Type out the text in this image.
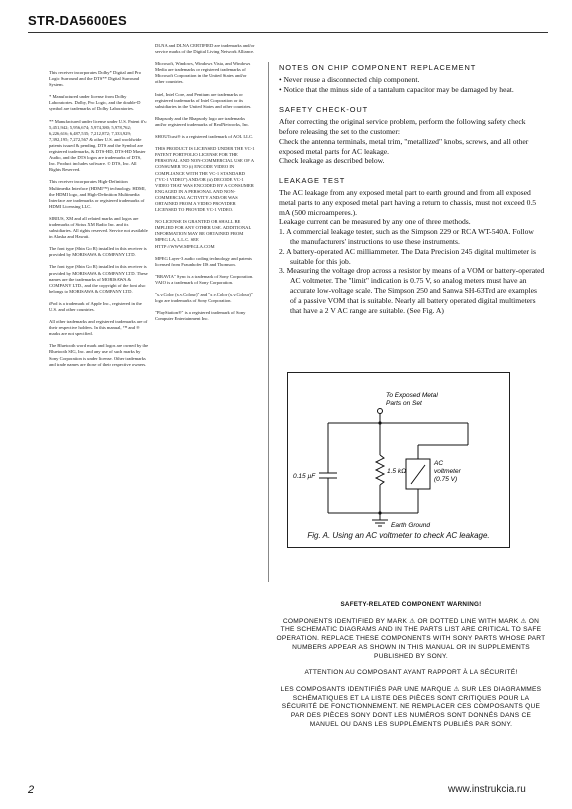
STR-DA5600ES

This receiver incorporates Dolby* Digital and Pro Logic Surround and the DTS** Digital Surround System.

* Manufactured under license from Dolby Laboratories. Dolby, Pro Logic, and the double-D symbol are trademarks of Dolby Laboratories.

** Manufactured under license under U.S. Patent #'s: 5,451,942; 5,956,674; 5,974,380; 5,978,762; 6,226,616; 6,487,535; 7,212,872; 7,333,929; 7,392,195; 7,272,567 & other U.S. and worldwide patents issued & pending. DTS and the Symbol are registered trademarks, & DTS-HD, DTS-HD Master Audio, and the DTS logos are trademarks of DTS, Inc. Product includes software. © DTS, Inc. All Rights Reserved.

This receiver incorporates High-Definition Multimedia Interface (HDMI™) technology. HDMI, the HDMI logo, and High-Definition Multimedia Interface are trademarks or registered trademarks of HDMI Licensing LLC.

SIRIUS, XM and all related marks and logos are trademarks of Sirius XM Radio Inc. and its subsidiaries. All rights reserved. Service not available in Alaska and Hawaii.

The font type (Shin Go R) installed in this receiver is provided by MORISAWA & COMPANY LTD.

The font type (Shin Go R) installed in this receiver is provided by MORISAWA & COMPANY LTD. These names are the trademarks of MORISAWA & COMPANY LTD., and the copyright of the font also belongs to MORISAWA & COMPANY LTD.

iPod is a trademark of Apple Inc., registered in the U.S. and other countries.

All other trademarks and registered trademarks are of their respective holders. In this manual, ™ and ® marks are not specified.

The Bluetooth word mark and logos are owned by the Bluetooth SIG, Inc. and any use of such marks by Sony Corporation is under license. Other trademarks and trade names are those of their respective owners.

DLNA and DLNA CERTIFIED are trademarks and/or service marks of the Digital Living Network Alliance.

Microsoft, Windows, Windows Vista, and Windows Media are trademarks or registered trademarks of Microsoft Corporation in the United States and/or other countries.

Intel, Intel Core, and Pentium are trademarks or registered trademarks of Intel Corporation or its subsidiaries in the United States and other countries.

Rhapsody and the Rhapsody logo are trademarks and/or registered trademarks of RealNetworks, Inc.

SHOUTcast® is a registered trademark of AOL LLC.

THIS PRODUCT IS LICENSED UNDER THE VC-1 PATENT PORTFOLIO LICENSE FOR THE PERSONAL AND NON-COMMERCIAL USE OF A CONSUMER TO (i) ENCODE VIDEO IN COMPLIANCE WITH THE VC-1 STANDARD ("VC-1 VIDEO") AND/OR (ii) DECODE VC-1 VIDEO THAT WAS ENCODED BY A CONSUMER ENGAGED IN A PERSONAL AND NON-COMMERCIAL ACTIVITY AND/OR WAS OBTAINED FROM A VIDEO PROVIDER LICENSED TO PROVIDE VC-1 VIDEO.

NO LICENSE IS GRANTED OR SHALL BE IMPLIED FOR ANY OTHER USE. ADDITIONAL INFORMATION MAY BE OBTAINED FROM MPEG LA, L.L.C. SEE HTTP://WWW.MPEGLA.COM

MPEG Layer-3 audio coding technology and patents licensed from Fraunhofer IIS and Thomson.

"BRAVIA" Sync is a trademark of Sony Corporation. VAIO is a trademark of Sony Corporation.

"x.v.Color (x.v.Colour)" and "x.v.Color (x.v.Colour)" logo are trademarks of Sony Corporation.

"PlayStation®" is a registered trademark of Sony Computer Entertainment Inc.

NOTES ON CHIP COMPONENT REPLACEMENT
• Never reuse a disconnected chip component.
• Notice that the minus side of a tantalum capacitor may be damaged by heat.
SAFETY CHECK-OUT

After correcting the original service problem, perform the following safety check before releasing the set to the customer:

Check the antenna terminals, metal trim, "metallized" knobs, screws, and all other exposed metal parts for AC leakage.

Check leakage as described below.

LEAKAGE TEST

The AC leakage from any exposed metal part to earth ground and from all exposed metal parts to any exposed metal part having a return to chassis, must not exceed 0.5 mA (500 microamperes.).

Leakage current can be measured by any one of three methods.

1. A commercial leakage tester, such as the Simpson 229 or RCA WT-540A. Follow the manufacturers' instructions to use these instruments.
2. A battery-operated AC milliammeter. The Data Precision 245 digital multimeter is suitable for this job.
3. Measuring the voltage drop across a resistor by means of a VOM or battery-operated AC voltmeter. The "limit" indication is 0.75 V, so analog meters must have an accurate low-voltage scale. The Simpson 250 and Sanwa SH-63Trd are examples of a passive VOM that is suitable. Nearly all battery operated digital multimeters that have a 2 V AC range are suitable. (See Fig. A)
To Exposed Metal
Parts on Set
0.15 µF
1.5 kΩ
AC
voltmeter
(0.75 V)
Earth Ground
Fig. A. Using an AC voltmeter to check AC leakage.

SAFETY-RELATED COMPONENT WARNING!

COMPONENTS IDENTIFIED BY MARK ⚠ OR DOTTED LINE WITH MARK ⚠ ON THE SCHEMATIC DIAGRAMS AND IN THE PARTS LIST ARE CRITICAL TO SAFE OPERATION. REPLACE THESE COMPONENTS WITH SONY PARTS WHOSE PART NUMBERS APPEAR AS SHOWN IN THIS MANUAL OR IN SUPPLEMENTS PUBLISHED BY SONY.

ATTENTION AU COMPOSANT AYANT RAPPORT À LA SÉCURITÉ!

LES COMPOSANTS IDENTIFIÉS PAR UNE MARQUE ⚠ SUR LES DIAGRAMMES SCHÉMATIQUES ET LA LISTE DES PIÈCES SONT CRITIQUES POUR LA SÉCURITÉ DE FONCTIONNEMENT. NE REMPLACER CES COMPOSANTS QUE PAR DES PIÈCES SONY DONT LES NUMÉROS SONT DONNÉS DANS CE MANUEL OU DANS LES SUPPLÉMENTS PUBLIÉS PAR SONY.

2	www.instrukcia.ru
